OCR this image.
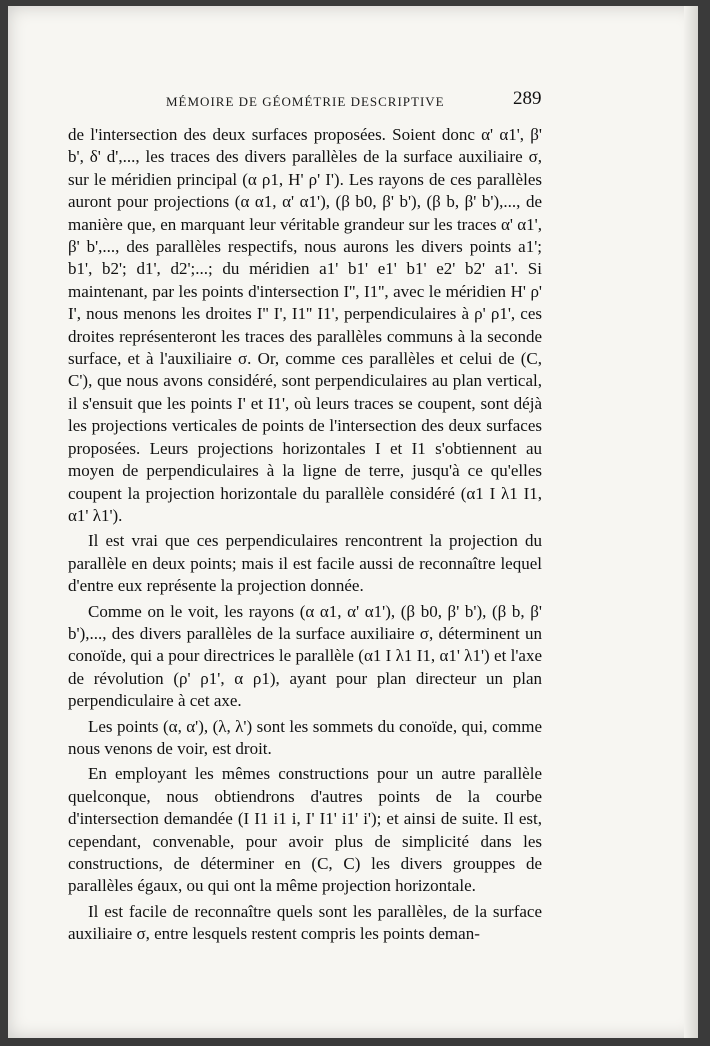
MÉMOIRE DE GÉOMÉTRIE DESCRIPTIVE	289

de l'intersection des deux surfaces proposées. Soient donc α' α1', β' b', δ' d',..., les traces des divers parallèles de la surface auxiliaire σ, sur le méridien principal (α ρ1, H' ρ' I'). Les rayons de ces parallèles auront pour projections (α α1, α' α1'), (β b0, β' b'), (β b, β' b'),..., de manière que, en marquant leur véritable grandeur sur les traces α' α1', β' b',..., des parallèles respectifs, nous aurons les divers points a1'; b1', b2'; d1', d2';...; du méridien a1' b1' e1' b1' e2' b2' a1'. Si maintenant, par les points d'intersection I'', I1'', avec le méridien H' ρ' I', nous menons les droites I'' I', I1'' I1', perpendiculaires à ρ' ρ1', ces droites représenteront les traces des parallèles communs à la seconde surface, et à l'auxiliaire σ. Or, comme ces parallèles et celui de (C, C'), que nous avons considéré, sont perpendiculaires au plan vertical, il s'ensuit que les points I' et I1', où leurs traces se coupent, sont déjà les projections verticales de points de l'intersection des deux surfaces proposées. Leurs projections horizontales I et I1 s'obtiennent au moyen de perpendiculaires à la ligne de terre, jusqu'à ce qu'elles coupent la projection horizontale du parallèle considéré (α1 I λ1 I1, α1' λ1').

Il est vrai que ces perpendiculaires rencontrent la projection du parallèle en deux points; mais il est facile aussi de reconnaître lequel d'entre eux représente la projection donnée.

Comme on le voit, les rayons (α α1, α' α1'), (β b0, β' b'), (β b, β' b'),..., des divers parallèles de la surface auxiliaire σ, déterminent un conoïde, qui a pour directrices le parallèle (α1 I λ1 I1, α1' λ1') et l'axe de révolution (ρ' ρ1', α ρ1), ayant pour plan directeur un plan perpendiculaire à cet axe.

Les points (α, α'), (λ, λ') sont les sommets du conoïde, qui, comme nous venons de voir, est droit.

En employant les mêmes constructions pour un autre parallèle quelconque, nous obtiendrons d'autres points de la courbe d'intersection demandée (I I1 i1 i, I' I1' i1' i'); et ainsi de suite. Il est, cependant, convenable, pour avoir plus de simplicité dans les constructions, de déterminer en (C, C) les divers grouppes de parallèles égaux, ou qui ont la même projection horizontale.

Il est facile de reconnaître quels sont les parallèles, de la surface auxiliaire σ, entre lesquels restent compris les points deman-
